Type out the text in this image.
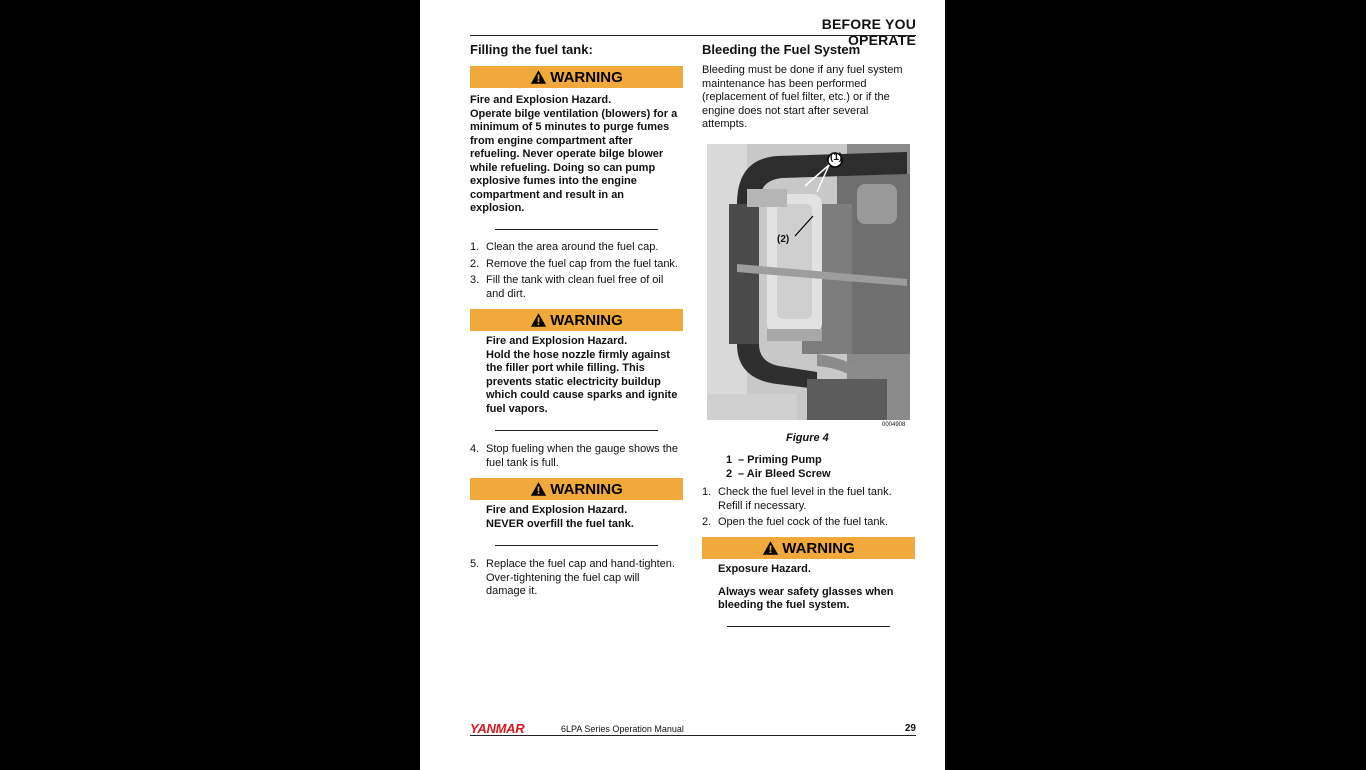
BEFORE YOU OPERATE
Filling the fuel tank:
WARNING
Fire and Explosion Hazard.
Operate bilge ventilation (blowers) for a
minimum of 5 minutes to purge fumes
from engine compartment after
refueling. Never operate bilge blower
while refueling. Doing so can pump
explosive fumes into the engine
compartment and result in an
explosion.
1. Clean the area around the fuel cap.
2. Remove the fuel cap from the fuel tank.
3. Fill the tank with clean fuel free of oil
and dirt.
WARNING
Fire and Explosion Hazard.
Hold the hose nozzle firmly against
the filler port while filling. This
prevents static electricity buildup
which could cause sparks and ignite
fuel vapors.
4. Stop fueling when the gauge shows the
fuel tank is full.
WARNING
Fire and Explosion Hazard.
NEVER overfill the fuel tank.
5. Replace the fuel cap and hand-tighten.
Over-tightening the fuel cap will
damage it.
Bleeding the Fuel System
Bleeding must be done if any fuel system
maintenance has been performed
(replacement of fuel filter, etc.) or if the
engine does not start after several
attempts.
(1)
(2)
0004908
Figure 4
1 – Priming Pump
2 – Air Bleed Screw
1. Check the fuel level in the fuel tank.
Refill if necessary.
2. Open the fuel cock of the fuel tank.
WARNING
Exposure Hazard.
Always wear safety glasses when
bleeding the fuel system.
YANMAR	6LPA Series Operation Manual	29
